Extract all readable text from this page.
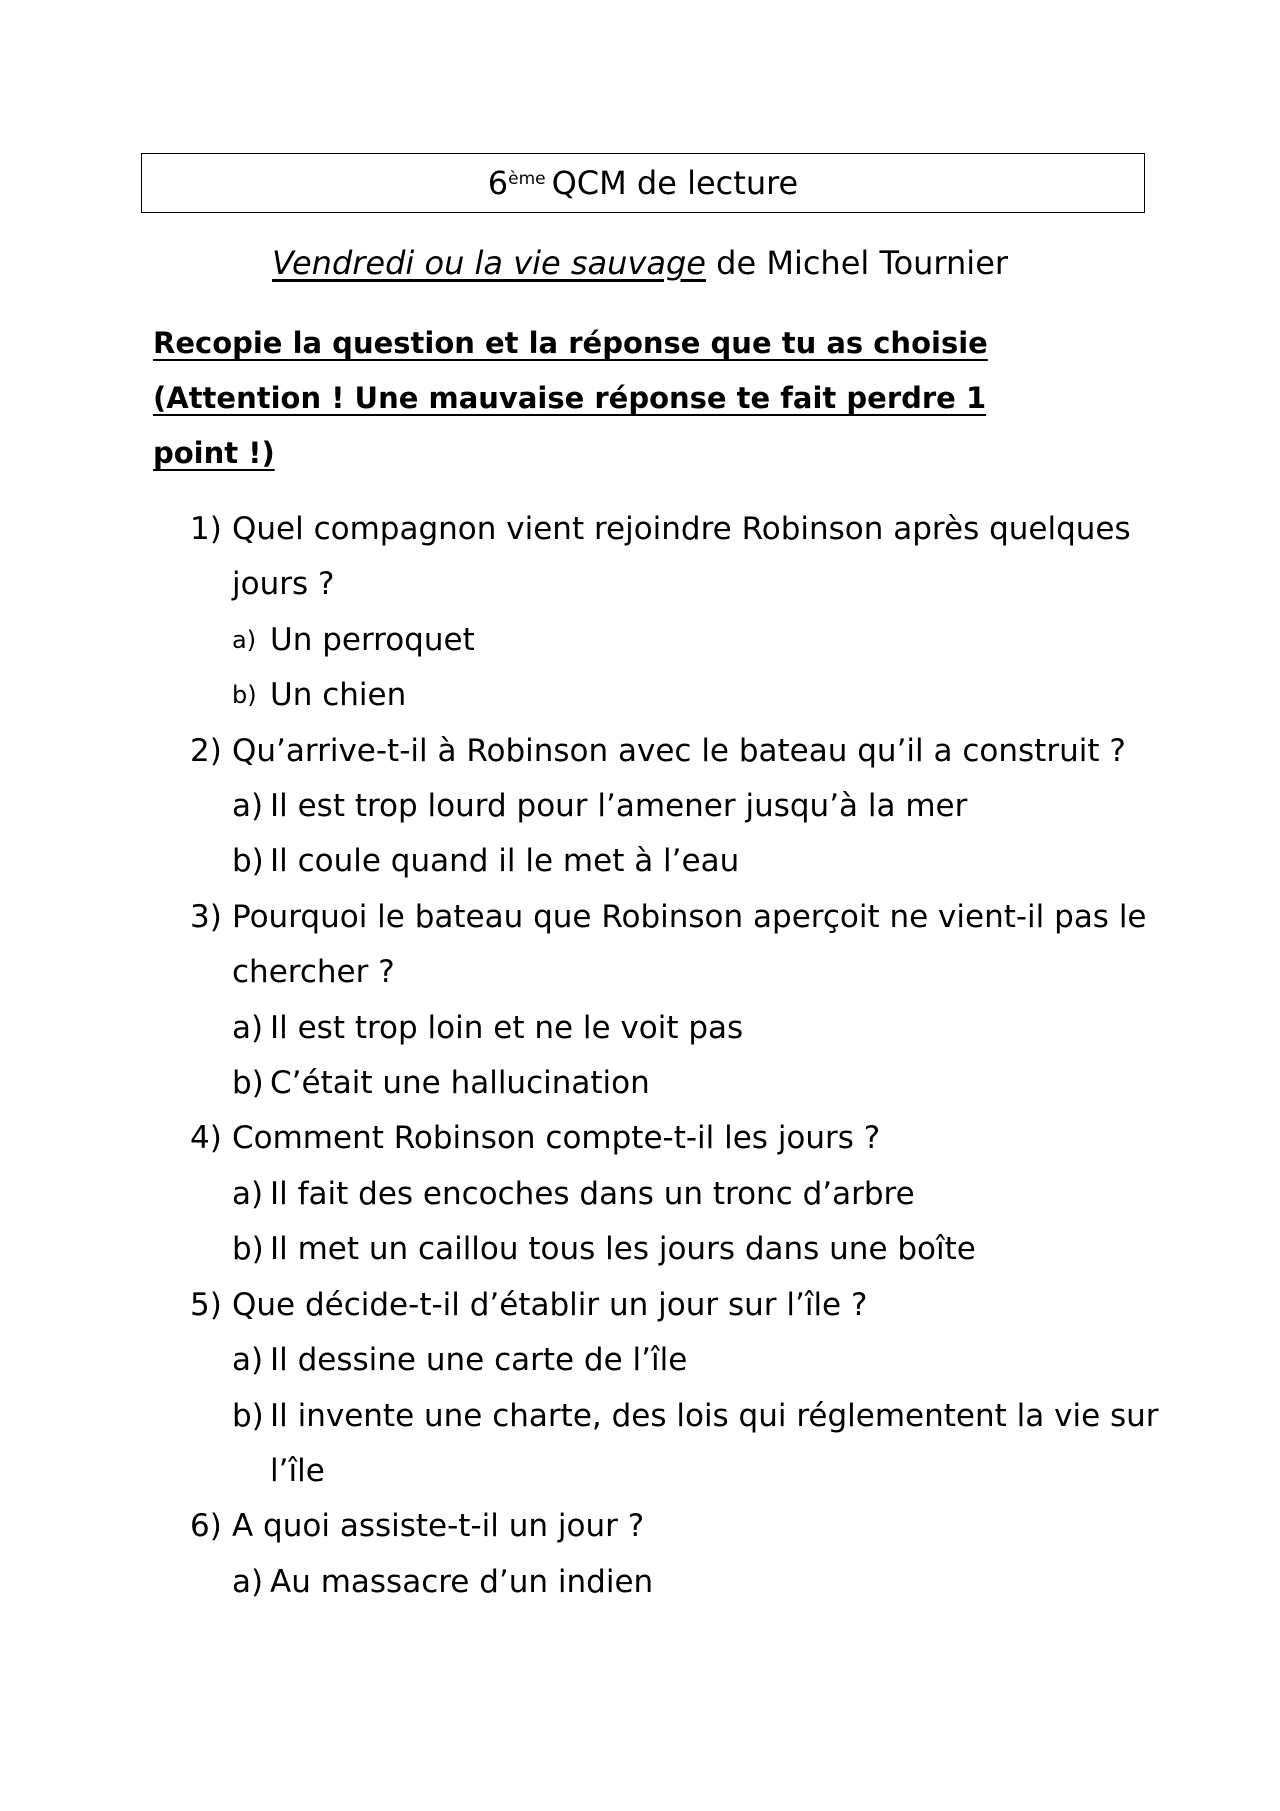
6ème QCM de lecture
Vendredi ou la vie sauvage de Michel Tournier
Recopie la question et la réponse que tu as choisie (Attention ! Une mauvaise réponse te fait perdre 1 point !)
1) Quel compagnon vient rejoindre Robinson après quelques jours ?
a) Un perroquet
b) Un chien
2) Qu’arrive-t-il à Robinson avec le bateau qu’il a construit ?
a) Il est trop lourd pour l’amener jusqu’à la mer
b) Il coule quand il le met à l’eau
3) Pourquoi le bateau que Robinson aperçoit ne vient-il pas le chercher ?
a) Il est trop loin et ne le voit pas
b) C’était une hallucination
4) Comment Robinson compte-t-il les jours ?
a) Il fait des encoches dans un tronc d’arbre
b) Il met un caillou tous les jours dans une boîte
5) Que décide-t-il d’établir un jour sur l’île ?
a) Il dessine une carte de l’île
b) Il invente une charte, des lois qui réglementent la vie sur l’île
6) A quoi assiste-t-il un jour ?
a) Au massacre d’un indien
